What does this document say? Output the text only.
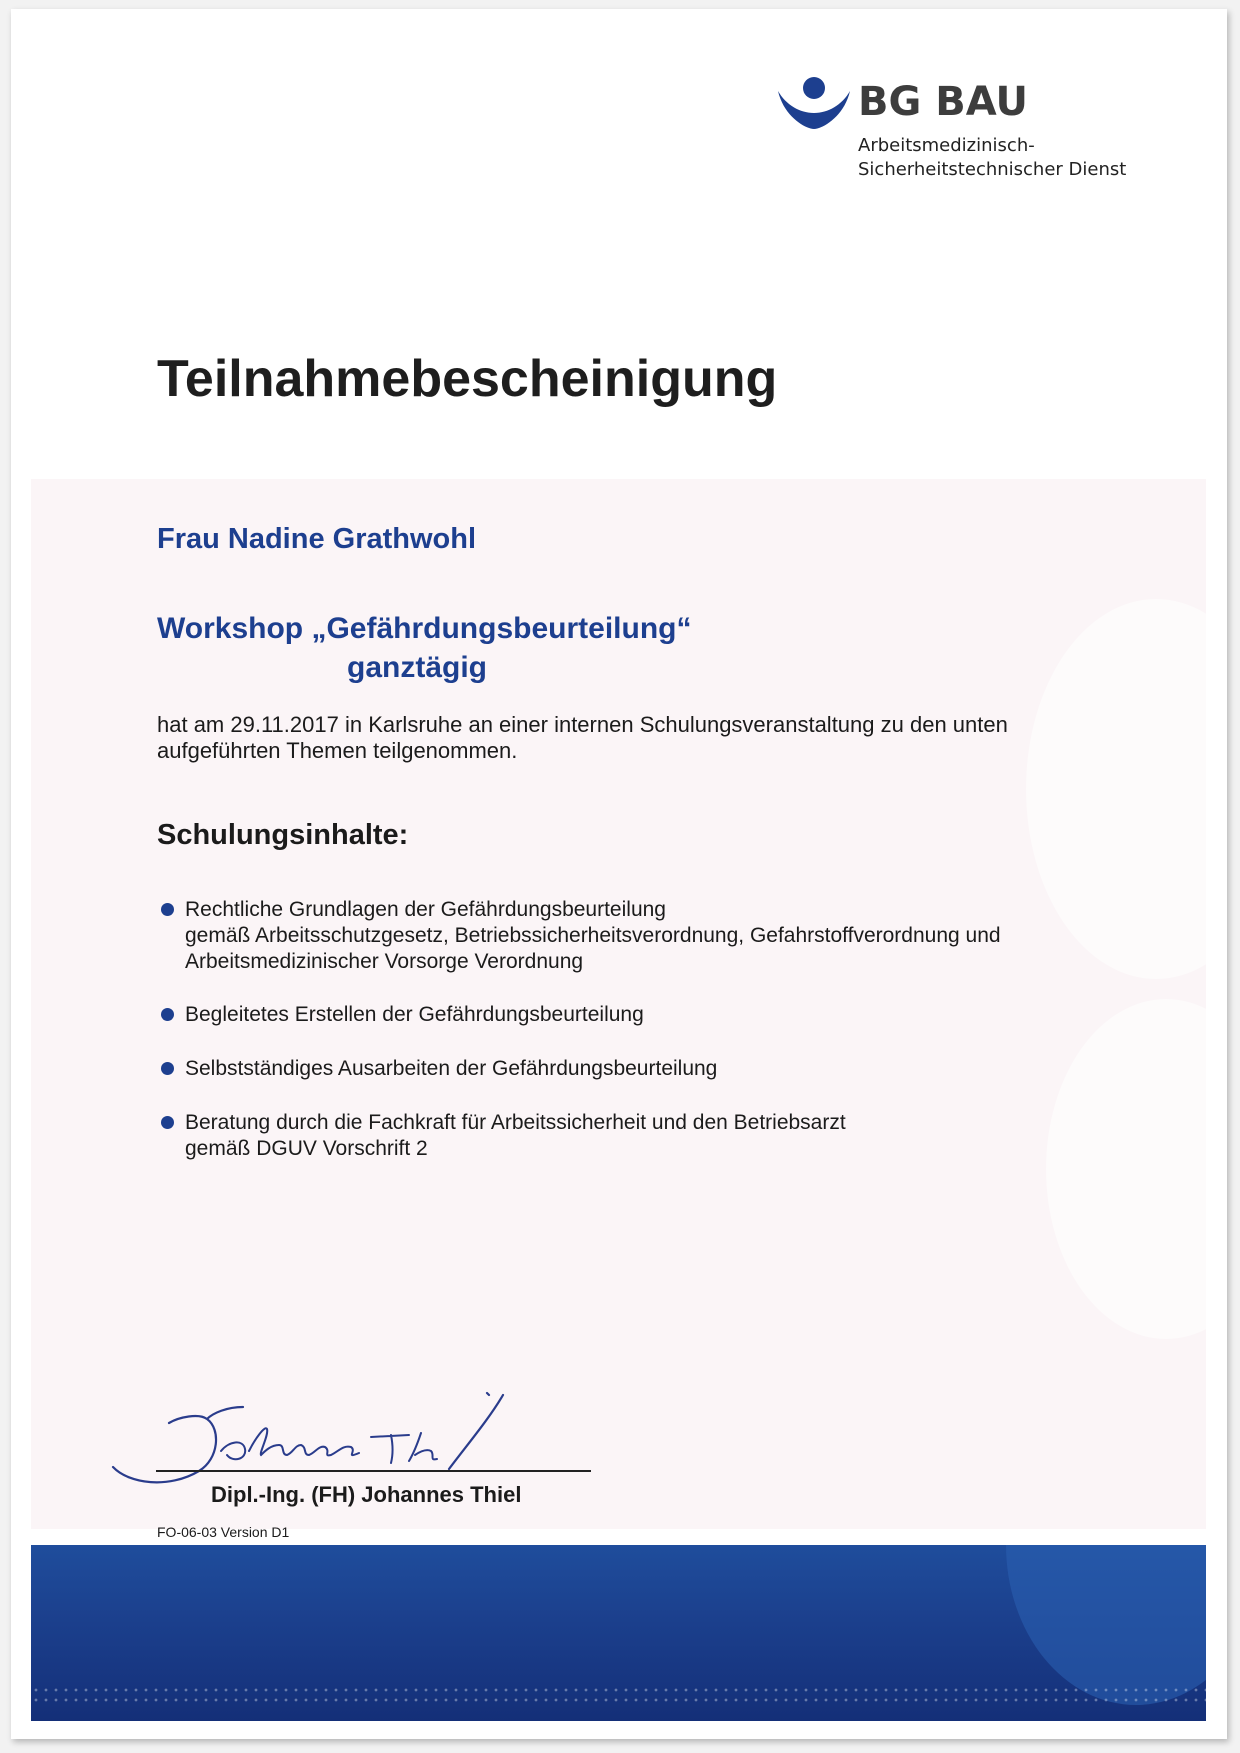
BG BAU
Arbeitsmedizinisch-
Sicherheitstechnischer Dienst
Teilnahmebescheinigung
Frau Nadine Grathwohl
Workshop „Gefährdungsbeurteilung“
ganztägig
hat am 29.11.2017 in Karlsruhe an einer internen Schulungsveranstaltung zu den unten
aufgeführten Themen teilgenommen.
Schulungsinhalte:
Rechtliche Grundlagen der Gefährdungsbeurteilung
gemäß Arbeitsschutzgesetz, Betriebssicherheitsverordnung, Gefahrstoffverordnung und
Arbeitsmedizinischer Vorsorge Verordnung
Begleitetes Erstellen der Gefährdungsbeurteilung
Selbstständiges Ausarbeiten der Gefährdungsbeurteilung
Beratung durch die Fachkraft für Arbeitssicherheit und den Betriebsarzt
gemäß DGUV Vorschrift 2
Dipl.-Ing. (FH) Johannes Thiel
FO-06-03 Version D1
